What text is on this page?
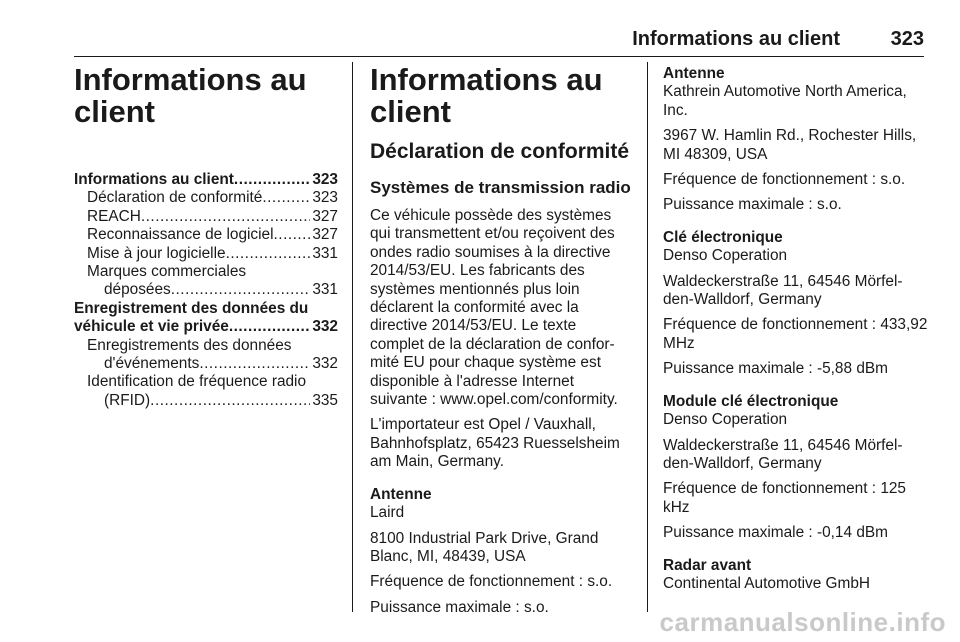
Informations au client	323
Informations au
client
Informations au client .....	323
Déclaration de conformité .....	323
REACH .....	327
Reconnaissance de logiciel .....	327
Mise à jour logicielle .....	331
Marques commerciales
déposées .....	331
Enregistrement des données du
véhicule et vie privée .....	332
Enregistrements des données
d'événements .....	332
Identification de fréquence radio
(RFID) .....	335
Informations au client
Déclaration de conformité
Systèmes de transmission radio

Ce véhicule possède des systèmes qui transmettent et/ou reçoivent des ondes radio soumises à la directive 2014/53/EU. Les fabricants des systèmes mentionnés plus loin déclarent la conformité avec la directive 2014/53/EU. Le texte complet de la déclaration de confor-mité EU pour chaque système est disponible à l'adresse Internet suivante : www.opel.com/conformity.

L'importateur est Opel / Vauxhall, Bahnhofsplatz, 65423 Ruesselsheim am Main, Germany.

Antenne

Laird

8100 Industrial Park Drive, Grand Blanc, MI, 48439, USA

Fréquence de fonctionnement : s.o.

Puissance maximale : s.o.

Antenne

Kathrein Automotive North America, Inc.

3967 W. Hamlin Rd., Rochester Hills, MI 48309, USA

Fréquence de fonctionnement : s.o.

Puissance maximale : s.o.

Clé électronique

Denso Coperation

Waldeckerstraße 11, 64546 Mörfel-den-Walldorf, Germany

Fréquence de fonctionnement : 433,92 MHz

Puissance maximale : -5,88 dBm

Module clé électronique

Denso Coperation

Waldeckerstraße 11, 64546 Mörfel-den-Walldorf, Germany

Fréquence de fonctionnement : 125 kHz

Puissance maximale : -0,14 dBm

Radar avant

Continental Automotive GmbH

carmanualsonline.info
